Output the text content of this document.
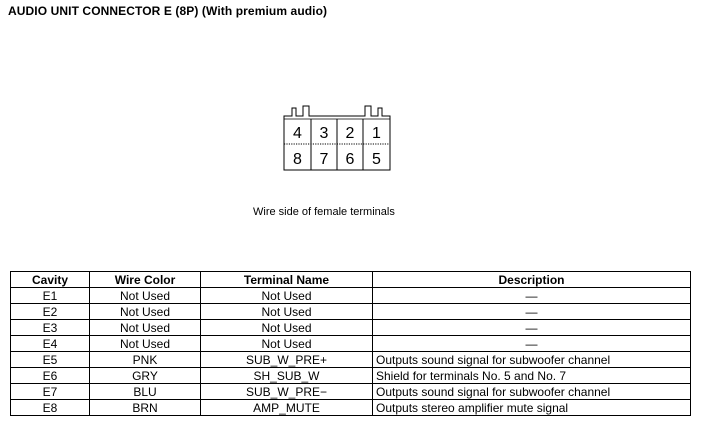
AUDIO UNIT CONNECTOR E (8P) (With premium audio)
4 3 2 1
8 7 6 5
Wire side of female terminals
Cavity	Wire Color	Terminal Name	Description
E1	Not Used	Not Used	—
E2	Not Used	Not Used	—
E3	Not Used	Not Used	—
E4	Not Used	Not Used	—
E5	PNK	SUB_W_PRE+	Outputs sound signal for subwoofer channel
E6	GRY	SH_SUB_W	Shield for terminals No. 5 and No. 7
E7	BLU	SUB_W_PRE−	Outputs sound signal for subwoofer channel
E8	BRN	AMP_MUTE	Outputs stereo amplifier mute signal
